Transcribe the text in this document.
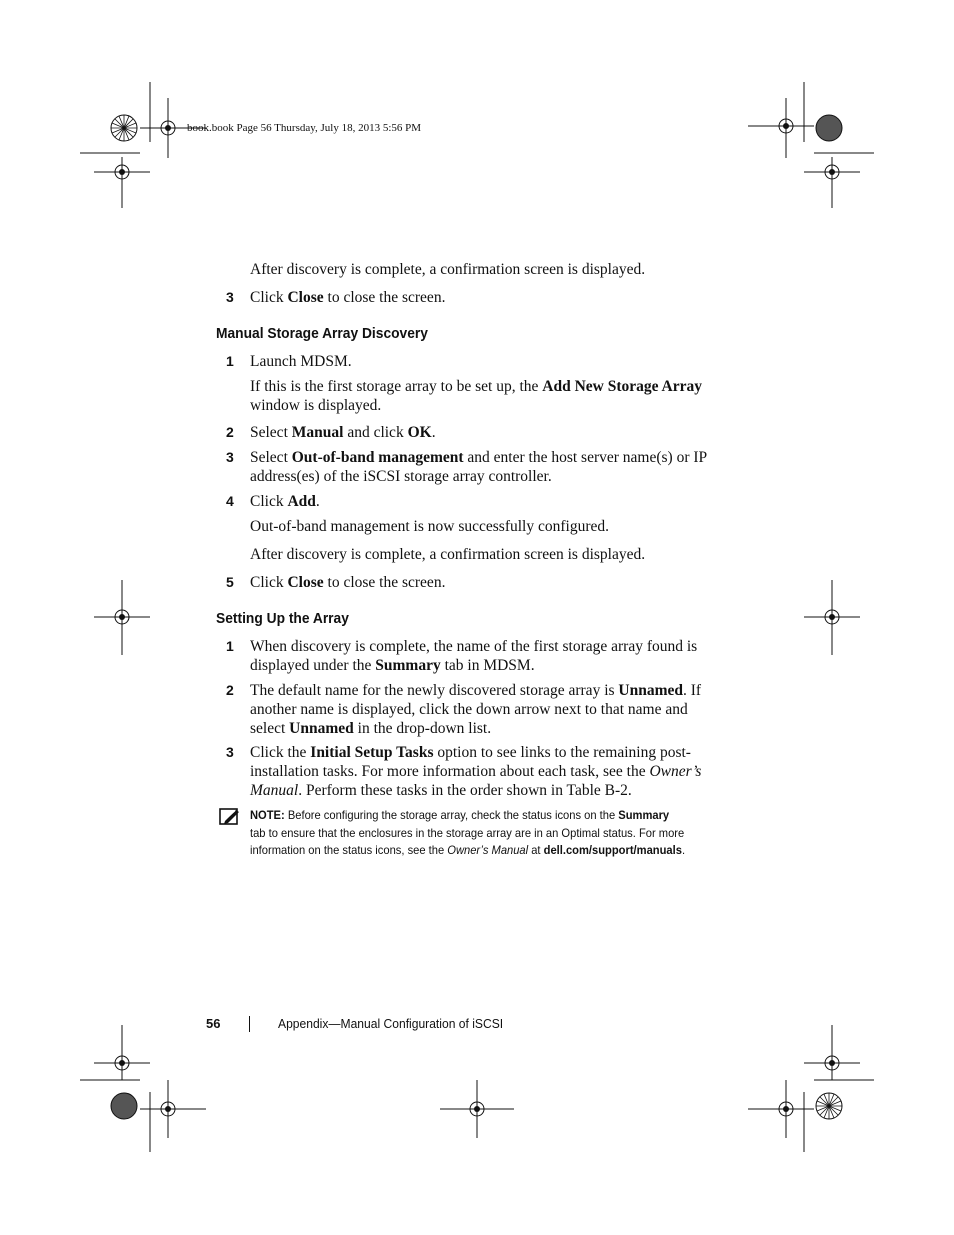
book.book Page 56 Thursday, July 18, 2013 5:56 PM
After discovery is complete, a confirmation screen is displayed.
3 Click Close to close the screen.
Manual Storage Array Discovery
1 Launch MDSM.
If this is the first storage array to be set up, the Add New Storage Array window is displayed.
2 Select Manual and click OK.
3 Select Out-of-band management and enter the host server name(s) or IP address(es) of the iSCSI storage array controller.
4 Click Add.
Out-of-band management is now successfully configured.
After discovery is complete, a confirmation screen is displayed.
5 Click Close to close the screen.
Setting Up the Array
1 When discovery is complete, the name of the first storage array found is displayed under the Summary tab in MDSM.
2 The default name for the newly discovered storage array is Unnamed. If another name is displayed, click the down arrow next to that name and select Unnamed in the drop-down list.
3 Click the Initial Setup Tasks option to see links to the remaining post-installation tasks. For more information about each task, see the Owner’s Manual. Perform these tasks in the order shown in Table B-2.
NOTE: Before configuring the storage array, check the status icons on the Summary tab to ensure that the enclosures in the storage array are in an Optimal status. For more information on the status icons, see the Owner’s Manual at dell.com/support/manuals.
56	Appendix—Manual Configuration of iSCSI
